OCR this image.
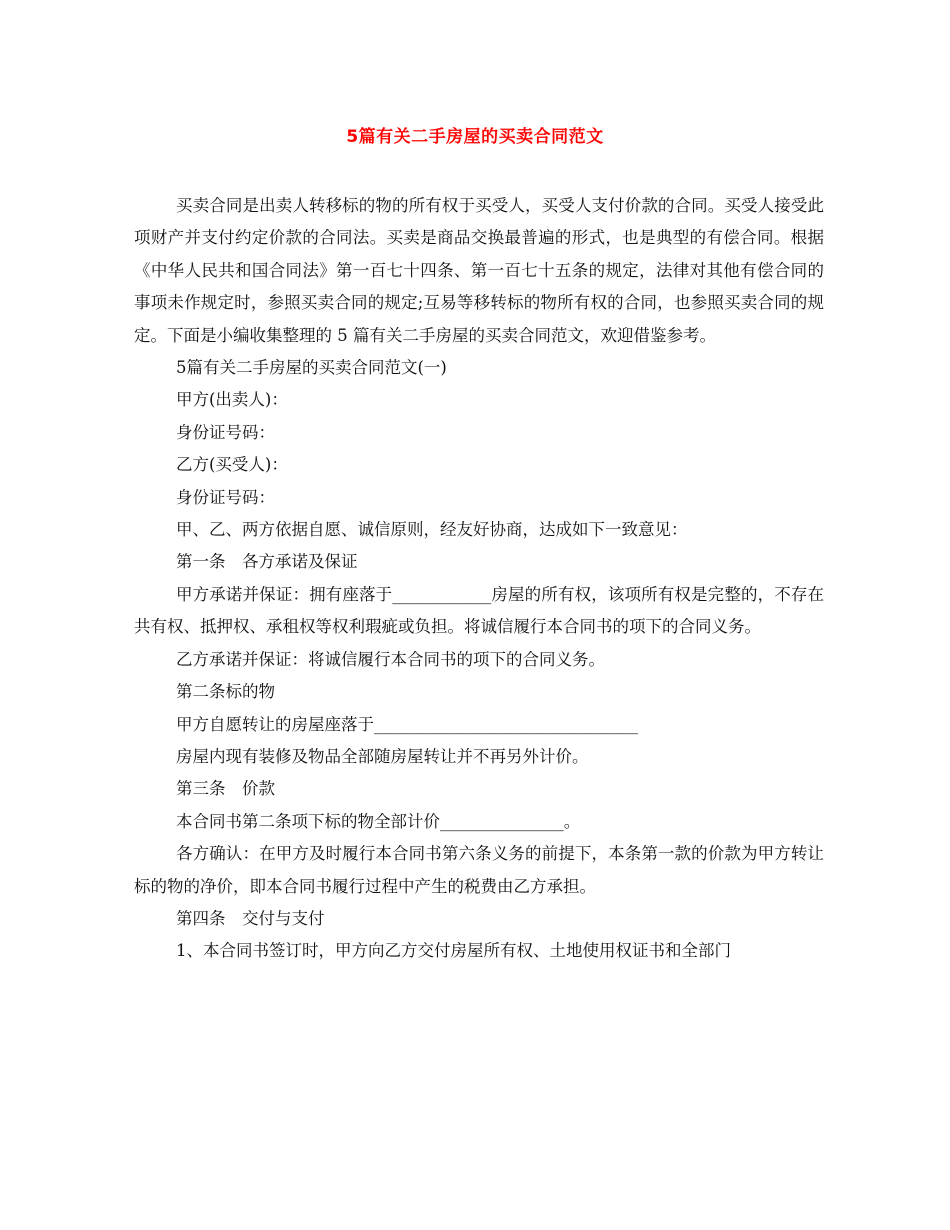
5篇有关二手房屋的买卖合同范文

买卖合同是出卖人转移标的物的所有权于买受人，买受人支付价款的合同。买受人接受此项财产并支付约定价款的合同法。买卖是商品交换最普遍的形式，也是典型的有偿合同。根据《中华人民共和国合同法》第一百七十四条、第一百七十五条的规定，法律对其他有偿合同的事项未作规定时，参照买卖合同的规定;互易等移转标的物所有权的合同，也参照买卖合同的规定。下面是小编收集整理的 5 篇有关二手房屋的买卖合同范文，欢迎借鉴参考。

5篇有关二手房屋的买卖合同范文(一)

甲方(出卖人)：

身份证号码：

乙方(买受人)：

身份证号码：

甲、乙、两方依据自愿、诚信原则，经友好协商，达成如下一致意见：

第一条　各方承诺及保证

甲方承诺并保证：拥有座落于____________房屋的所有权，该项所有权是完整的，不存在共有权、抵押权、承租权等权利瑕疵或负担。将诚信履行本合同书的项下的合同义务。

乙方承诺并保证：将诚信履行本合同书的项下的合同义务。

第二条标的物

甲方自愿转让的房屋座落于________________________________

房屋内现有装修及物品全部随房屋转让并不再另外计价。

第三条　价款

本合同书第二条项下标的物全部计价_______________。

各方确认：在甲方及时履行本合同书第六条义务的前提下，本条第一款的价款为甲方转让标的物的净价，即本合同书履行过程中产生的税费由乙方承担。

第四条　交付与支付

1、本合同书签订时，甲方向乙方交付房屋所有权、土地使用权证书和全部门
